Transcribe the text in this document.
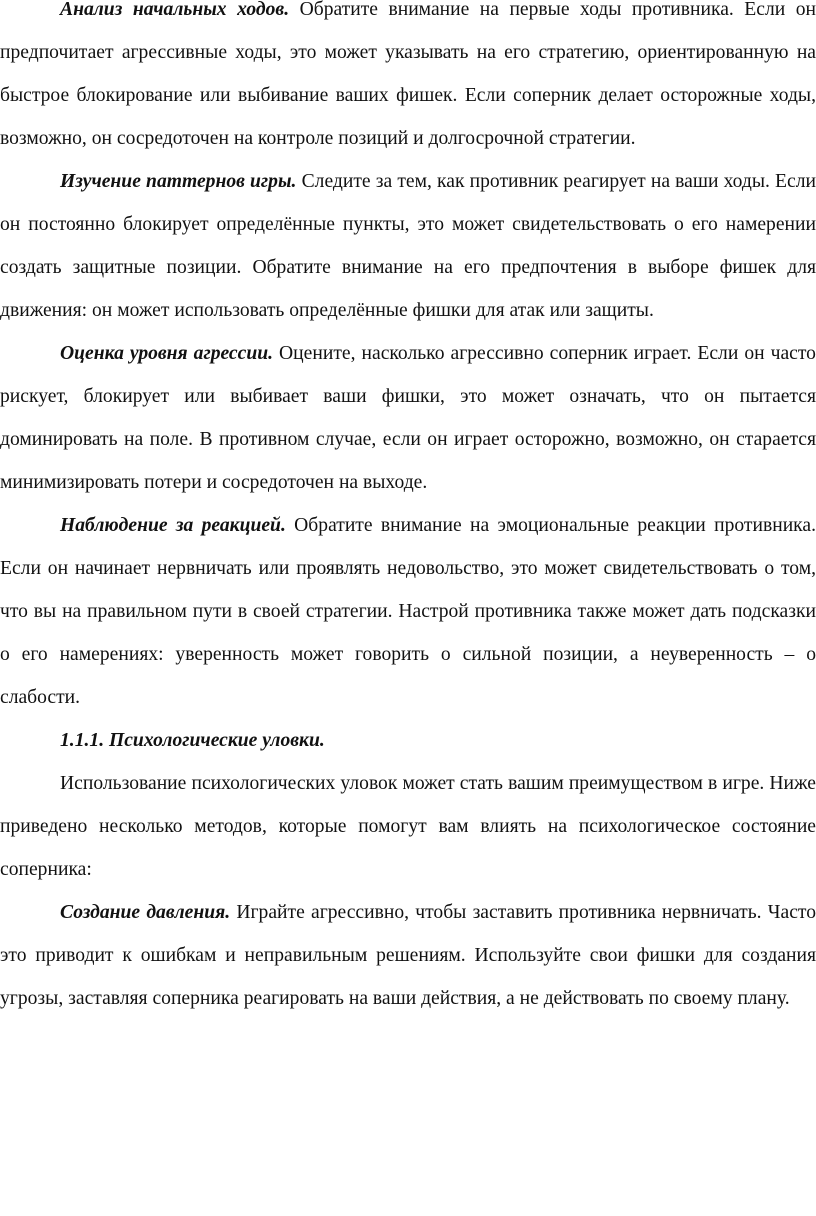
Анализ начальных ходов. Обратите внимание на первые ходы противника. Если он предпочитает агрессивные ходы, это может указывать на его стратегию, ориентированную на быстрое блокирование или выбивание ваших фишек. Если соперник делает осторожные ходы, возможно, он сосредоточен на контроле позиций и долгосрочной стратегии.

Изучение паттернов игры. Следите за тем, как противник реагирует на ваши ходы. Если он постоянно блокирует определённые пункты, это может свидетельствовать о его намерении создать защитные позиции. Обратите внимание на его предпочтения в выборе фишек для движения: он может использовать определённые фишки для атак или защиты.

Оценка уровня агрессии. Оцените, насколько агрессивно соперник играет. Если он часто рискует, блокирует или выбивает ваши фишки, это может означать, что он пытается доминировать на поле. В противном случае, если он играет осторожно, возможно, он старается минимизировать потери и сосредоточен на выходе.

Наблюдение за реакцией. Обратите внимание на эмоциональные реакции противника. Если он начинает нервничать или проявлять недовольство, это может свидетельствовать о том, что вы на правильном пути в своей стратегии. Настрой противника также может дать подсказки о его намерениях: уверенность может говорить о сильной позиции, а неуверенность – о слабости.

1.1.1. Психологические уловки.

Использование психологических уловок может стать вашим преимуществом в игре. Ниже приведено несколько методов, которые помогут вам влиять на психологическое состояние соперника:

Создание давления. Играйте агрессивно, чтобы заставить противника нервничать. Часто это приводит к ошибкам и неправильным решениям. Используйте свои фишки для создания угрозы, заставляя соперника реагировать на ваши действия, а не действовать по своему плану.
